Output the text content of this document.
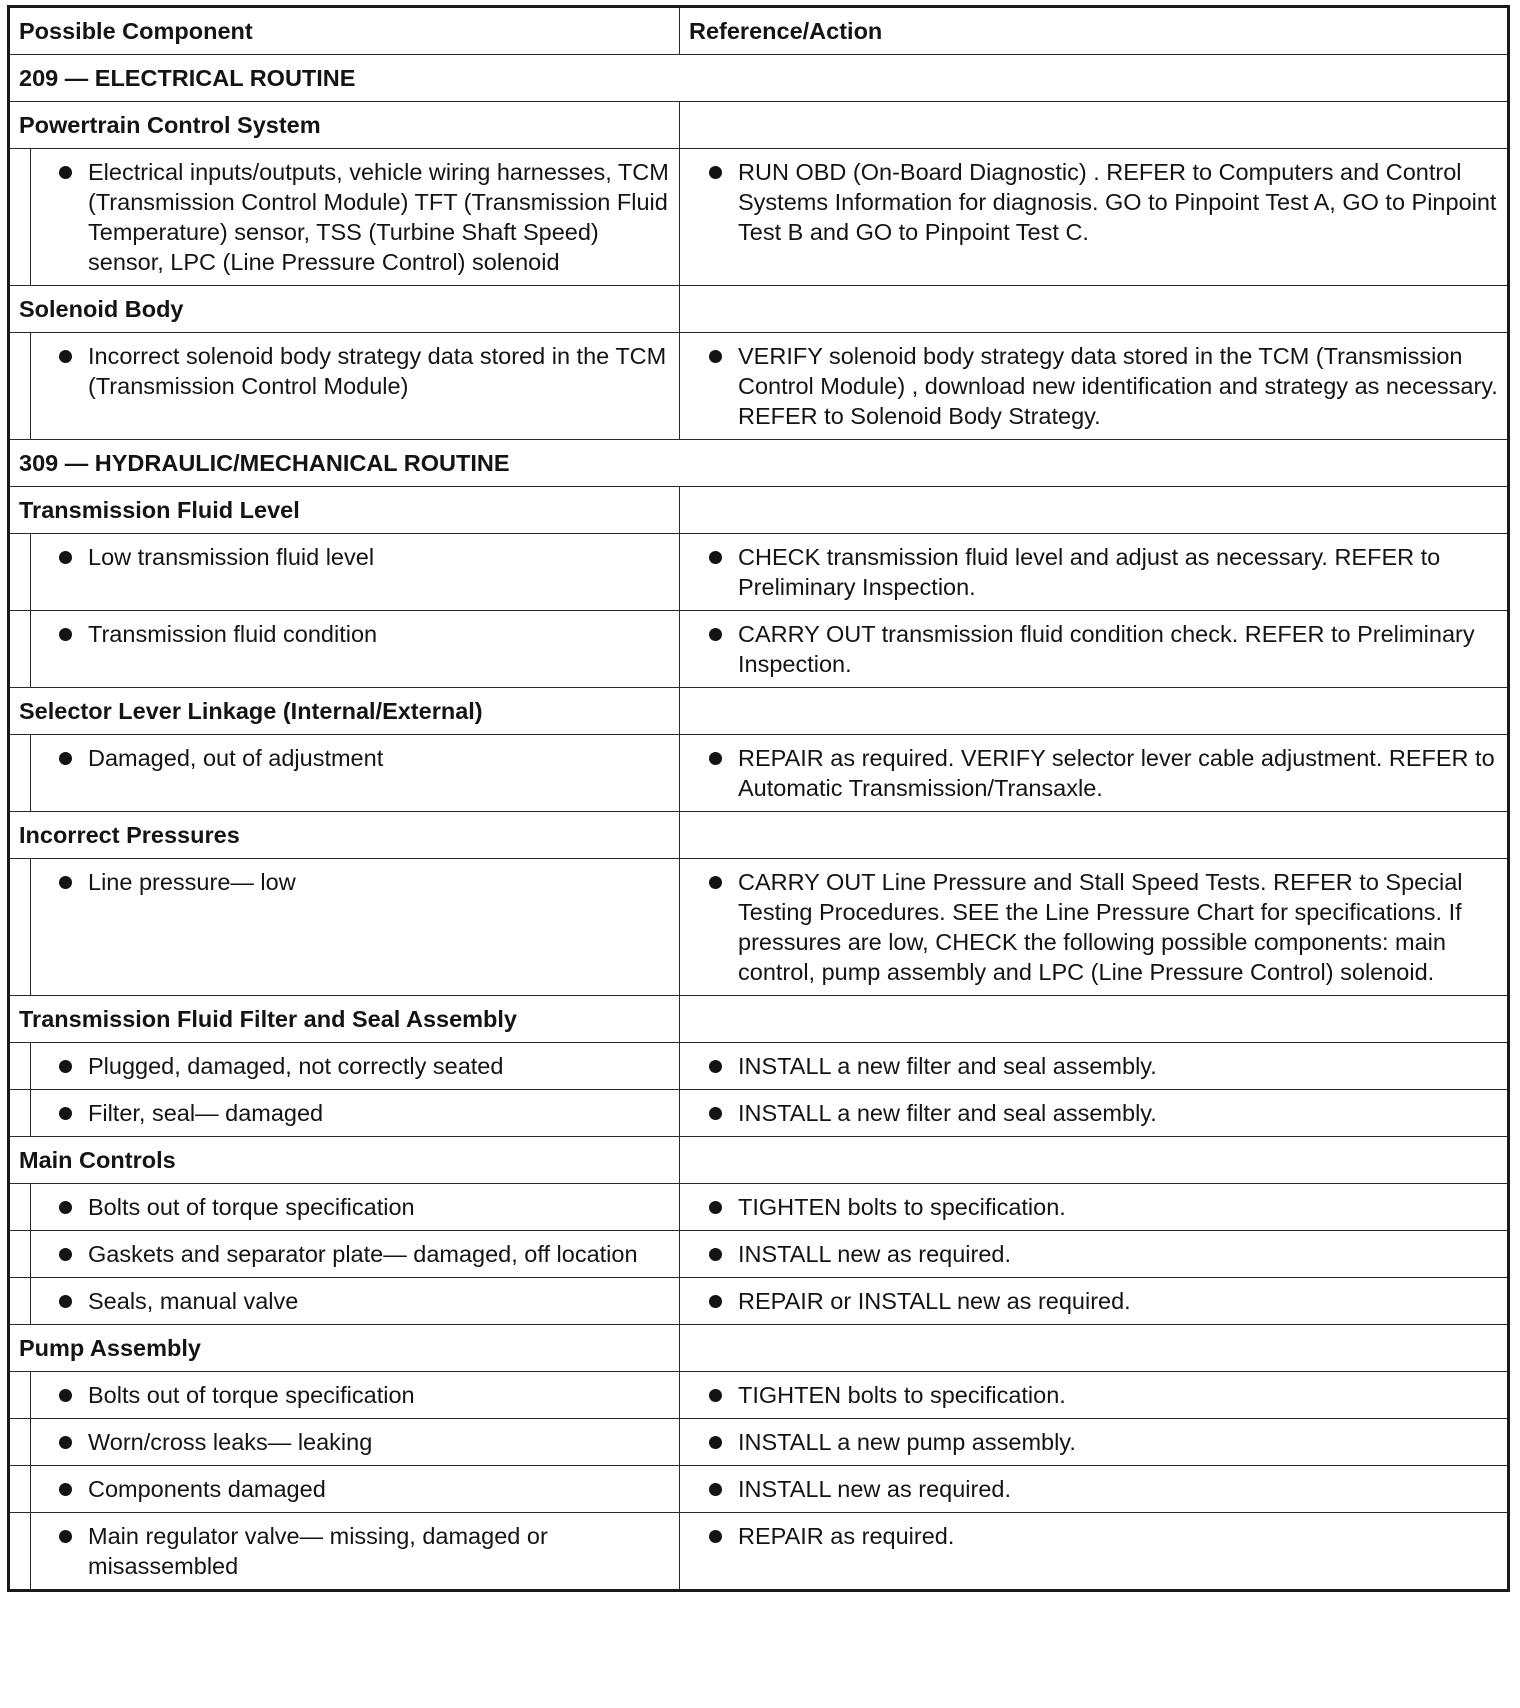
Possible Component		Reference/Action
209 — ELECTRICAL ROUTINE		
Powertrain Control System		

	Electrical inputs/outputs, vehicle wiring harnesses, TCM (Transmission Control Module) TFT (Transmission Fluid Temperature) sensor, TSS (Turbine Shaft Speed) sensor, LPC (Line Pressure Control) solenoid	RUN OBD (On-Board Diagnostic) . REFER to Computers and Control Systems Information for diagnosis. GO to Pinpoint Test A, GO to Pinpoint Test B and GO to Pinpoint Test C.

Solenoid Body		

	Incorrect solenoid body strategy data stored in the TCM (Transmission Control Module)	VERIFY solenoid body strategy data stored in the TCM (Transmission Control Module) , download new identification and strategy as necessary. REFER to Solenoid Body Strategy.

309 — HYDRAULIC/MECHANICAL ROUTINE		
Transmission Fluid Level		

	Low transmission fluid level	CHECK transmission fluid level and adjust as necessary. REFER to Preliminary Inspection.

	Transmission fluid condition	CARRY OUT transmission fluid condition check. REFER to Preliminary Inspection.

Selector Lever Linkage (Internal/External)		

	Damaged, out of adjustment	REPAIR as required. VERIFY selector lever cable adjustment. REFER to Automatic Transmission/Transaxle.

Incorrect Pressures		

	Line pressure— low	CARRY OUT Line Pressure and Stall Speed Tests. REFER to Special Testing Procedures. SEE the Line Pressure Chart for specifications. If pressures are low, CHECK the following possible components: main control, pump assembly and LPC (Line Pressure Control) solenoid.

Transmission Fluid Filter and Seal Assembly		

	Plugged, damaged, not correctly seated	INSTALL a new filter and seal assembly.

	Filter, seal— damaged	INSTALL a new filter and seal assembly.

Main Controls		

	Bolts out of torque specification	TIGHTEN bolts to specification.

	Gaskets and separator plate— damaged, off location	INSTALL new as required.

	Seals, manual valve	REPAIR or INSTALL new as required.

Pump Assembly		

	Bolts out of torque specification	TIGHTEN bolts to specification.

	Worn/cross leaks— leaking	INSTALL a new pump assembly.

	Components damaged	INSTALL new as required.

	Main regulator valve— missing, damaged or misassembled	REPAIR as required.
